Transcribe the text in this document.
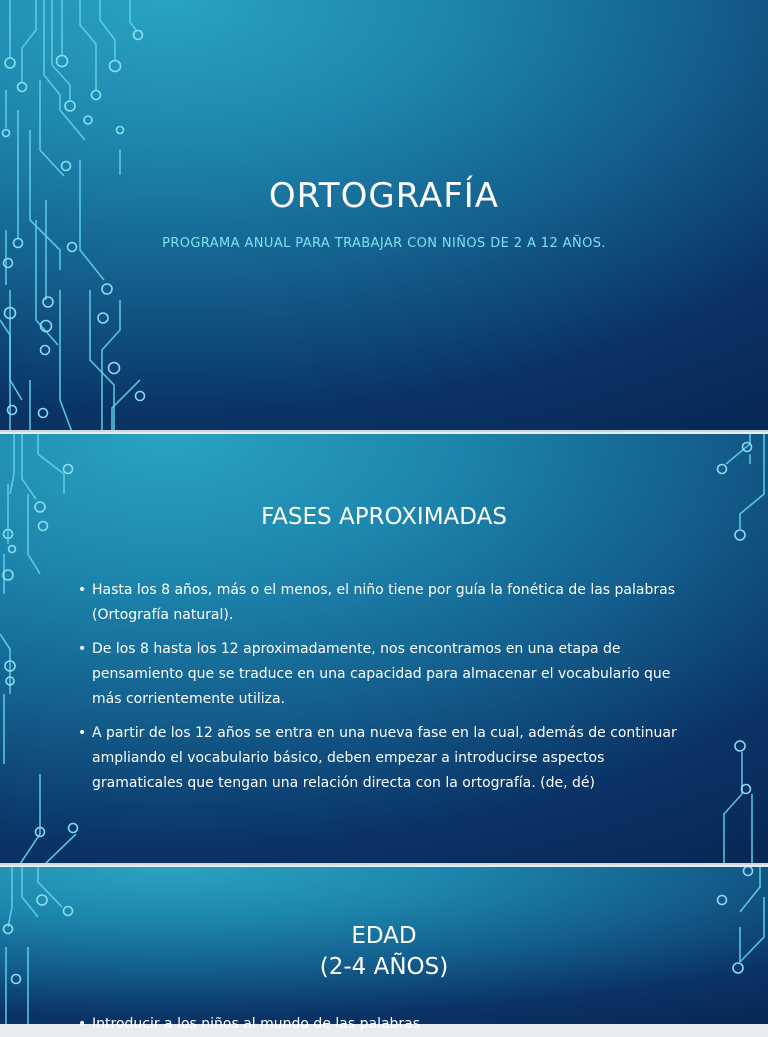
ORTOGRAFÍA
PROGRAMA ANUAL PARA TRABAJAR CON NIÑOS DE 2 A 12 AÑOS.
FASES APROXIMADAS
• Hasta los 8 años, más o el menos, el niño tiene por guía la fonética de las palabras (Ortografía natural).
• De los 8 hasta los 12 aproximadamente, nos encontramos en una etapa de pensamiento que se traduce en una capacidad para almacenar el vocabulario que más corrientemente utiliza.
• A partir de los 12 años se entra en una nueva fase en la cual, además de continuar ampliando el vocabulario básico, deben empezar a introducirse aspectos gramaticales que tengan una relación directa con la ortografía. (de, dé)
EDAD
(2-4 AÑOS)
• Introducir a los niños al mundo de las palabras
